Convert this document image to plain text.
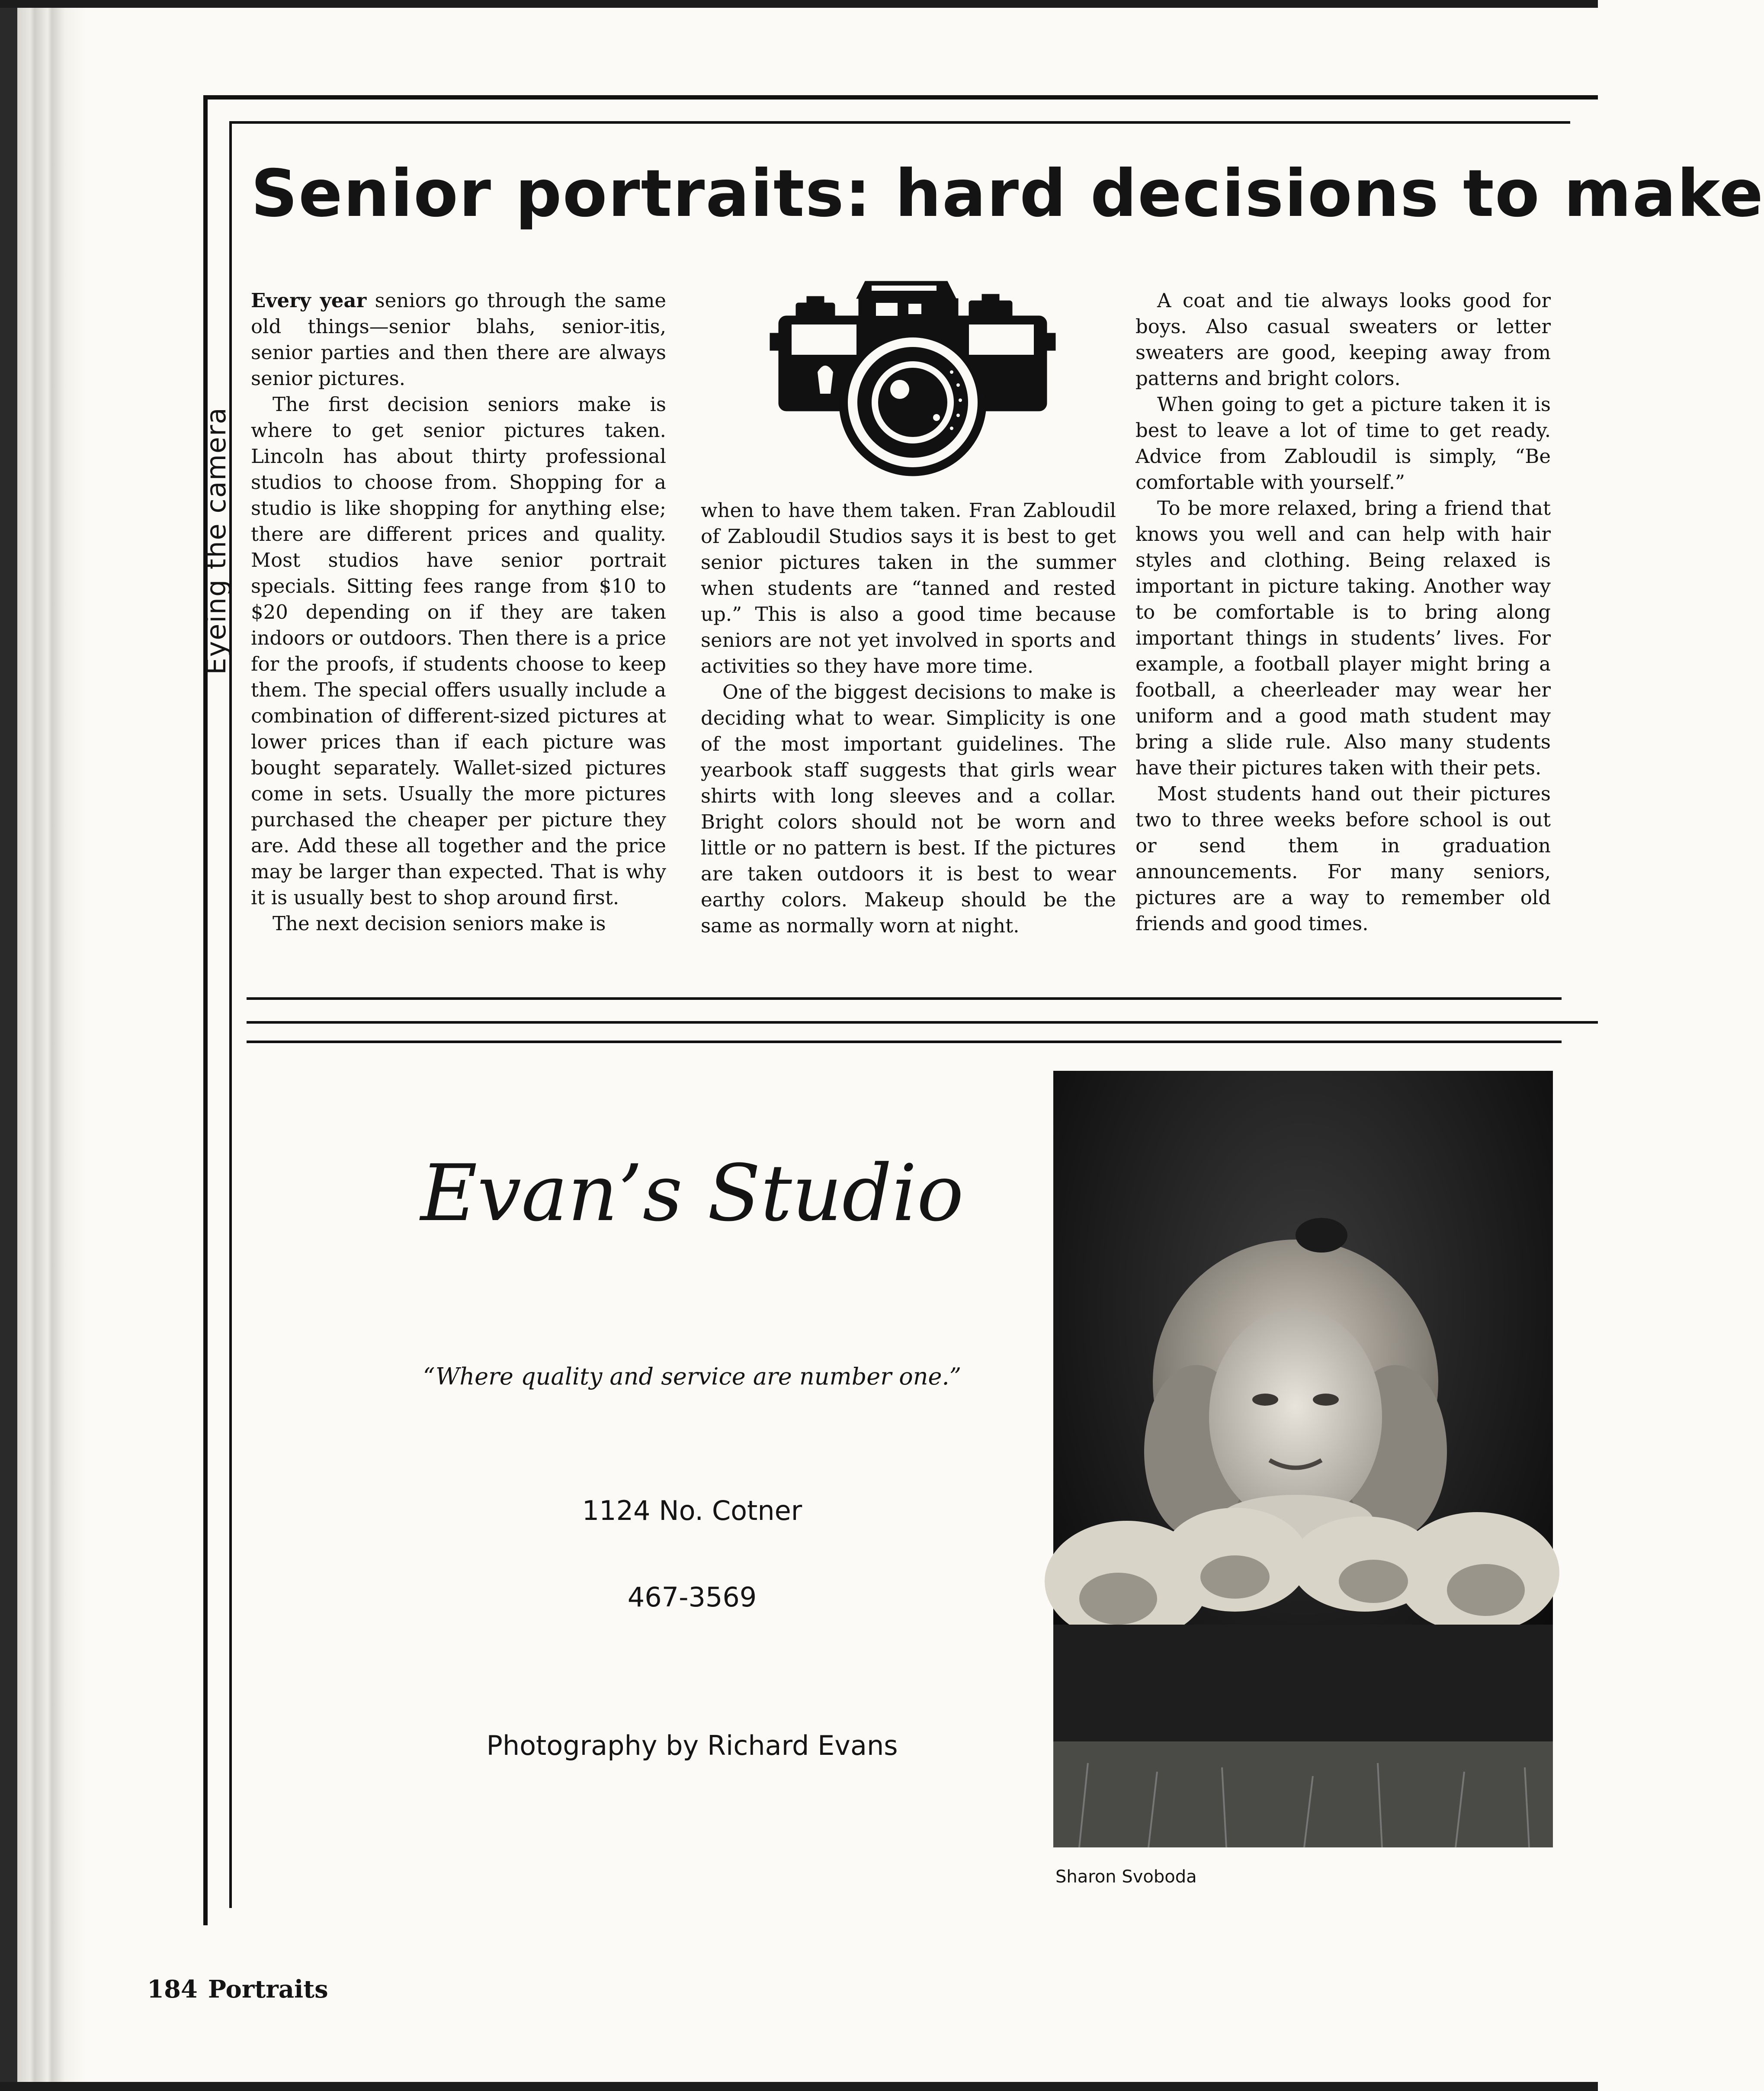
Senior portraits: hard decisions to make
Eyeing the camera

Every year seniors go through the same old things—senior blahs, senior-itis, senior parties and then there are always senior pictures.

The first decision seniors make is where to get senior pictures taken. Lincoln has about thirty professional studios to choose from. Shopping for a studio is like shopping for anything else; there are different prices and quality. Most studios have senior portrait specials. Sitting fees range from $10 to $20 depending on if they are taken indoors or outdoors. Then there is a price for the proofs, if students choose to keep them. The special offers usually include a combination of different-sized pictures at lower prices than if each picture was bought separately. Wallet-sized pictures come in sets. Usually the more pictures purchased the cheaper per picture they are. Add these all together and the price may be larger than expected. That is why it is usually best to shop around first.

The next decision seniors make is

when to have them taken. Fran Zabloudil of Zabloudil Studios says it is best to get senior pictures taken in the summer when students are “tanned and rested up.” This is also a good time because seniors are not yet involved in sports and activities so they have more time.

One of the biggest decisions to make is deciding what to wear. Simplicity is one of the most important guidelines. The yearbook staff suggests that girls wear shirts with long sleeves and a collar. Bright colors should not be worn and little or no pattern is best. If the pictures are taken outdoors it is best to wear earthy colors. Makeup should be the same as normally worn at night.

A coat and tie always looks good for boys. Also casual sweaters or letter sweaters are good, keeping away from patterns and bright colors.

When going to get a picture taken it is best to leave a lot of time to get ready. Advice from Zabloudil is simply, “Be comfortable with yourself.”

To be more relaxed, bring a friend that knows you well and can help with hair styles and clothing. Being relaxed is important in picture taking. Another way to be comfortable is to bring along important things in students’ lives. For example, a football player might bring a football, a cheerleader may wear her uniform and a good math student may bring a slide rule. Also many students have their pictures taken with their pets.

Most students hand out their pictures two to three weeks before school is out or send them in graduation announcements. For many seniors, pictures are a way to remember old friends and good times.

Evan’s Studio
“Where quality and service are number one.”
1124 No. Cotner
467-3569
Photography by Richard Evans
Sharon Svoboda
184 Portraits
